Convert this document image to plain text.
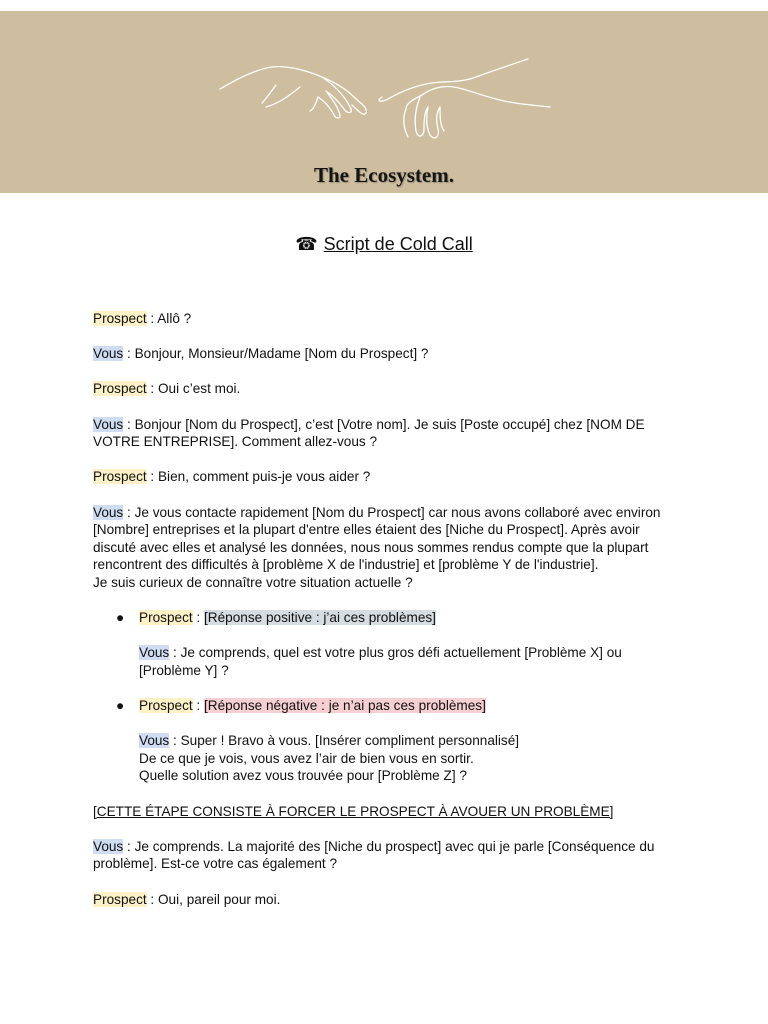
The Ecosystem.
☎ Script de Cold Call

Prospect : Allô ?

Vous : Bonjour, Monsieur/Madame [Nom du Prospect] ?

Prospect : Oui c’est moi.

Vous : Bonjour [Nom du Prospect], c’est [Votre nom]. Je suis [Poste occupé] chez [NOM DE VOTRE ENTREPRISE]. Comment allez-vous ?

Prospect : Bien, comment puis-je vous aider ?

Vous : Je vous contacte rapidement [Nom du Prospect] car nous avons collaboré avec environ [Nombre] entreprises et la plupart d'entre elles étaient des [Niche du Prospect]. Après avoir discuté avec elles et analysé les données, nous nous sommes rendus compte que la plupart rencontrent des difficultés à [problème X de l'industrie] et [problème Y de l'industrie].

Je suis curieux de connaître votre situation actuelle ?

● Prospect : [Réponse positive : j’ai ces problèmes]

Vous : Je comprends, quel est votre plus gros défi actuellement [Problème X] ou [Problème Y] ?

● Prospect : [Réponse négative : je n’ai pas ces problèmes]

Vous : Super ! Bravo à vous. [Insérer compliment personnalisé]

De ce que je vois, vous avez l’air de bien vous en sortir.

Quelle solution avez vous trouvée pour [Problème Z] ?

[CETTE ÉTAPE CONSISTE À FORCER LE PROSPECT À AVOUER UN PROBLÈME]

Vous : Je comprends. La majorité des [Niche du prospect] avec qui je parle [Conséquence du problème]. Est-ce votre cas également ?

Prospect : Oui, pareil pour moi.
